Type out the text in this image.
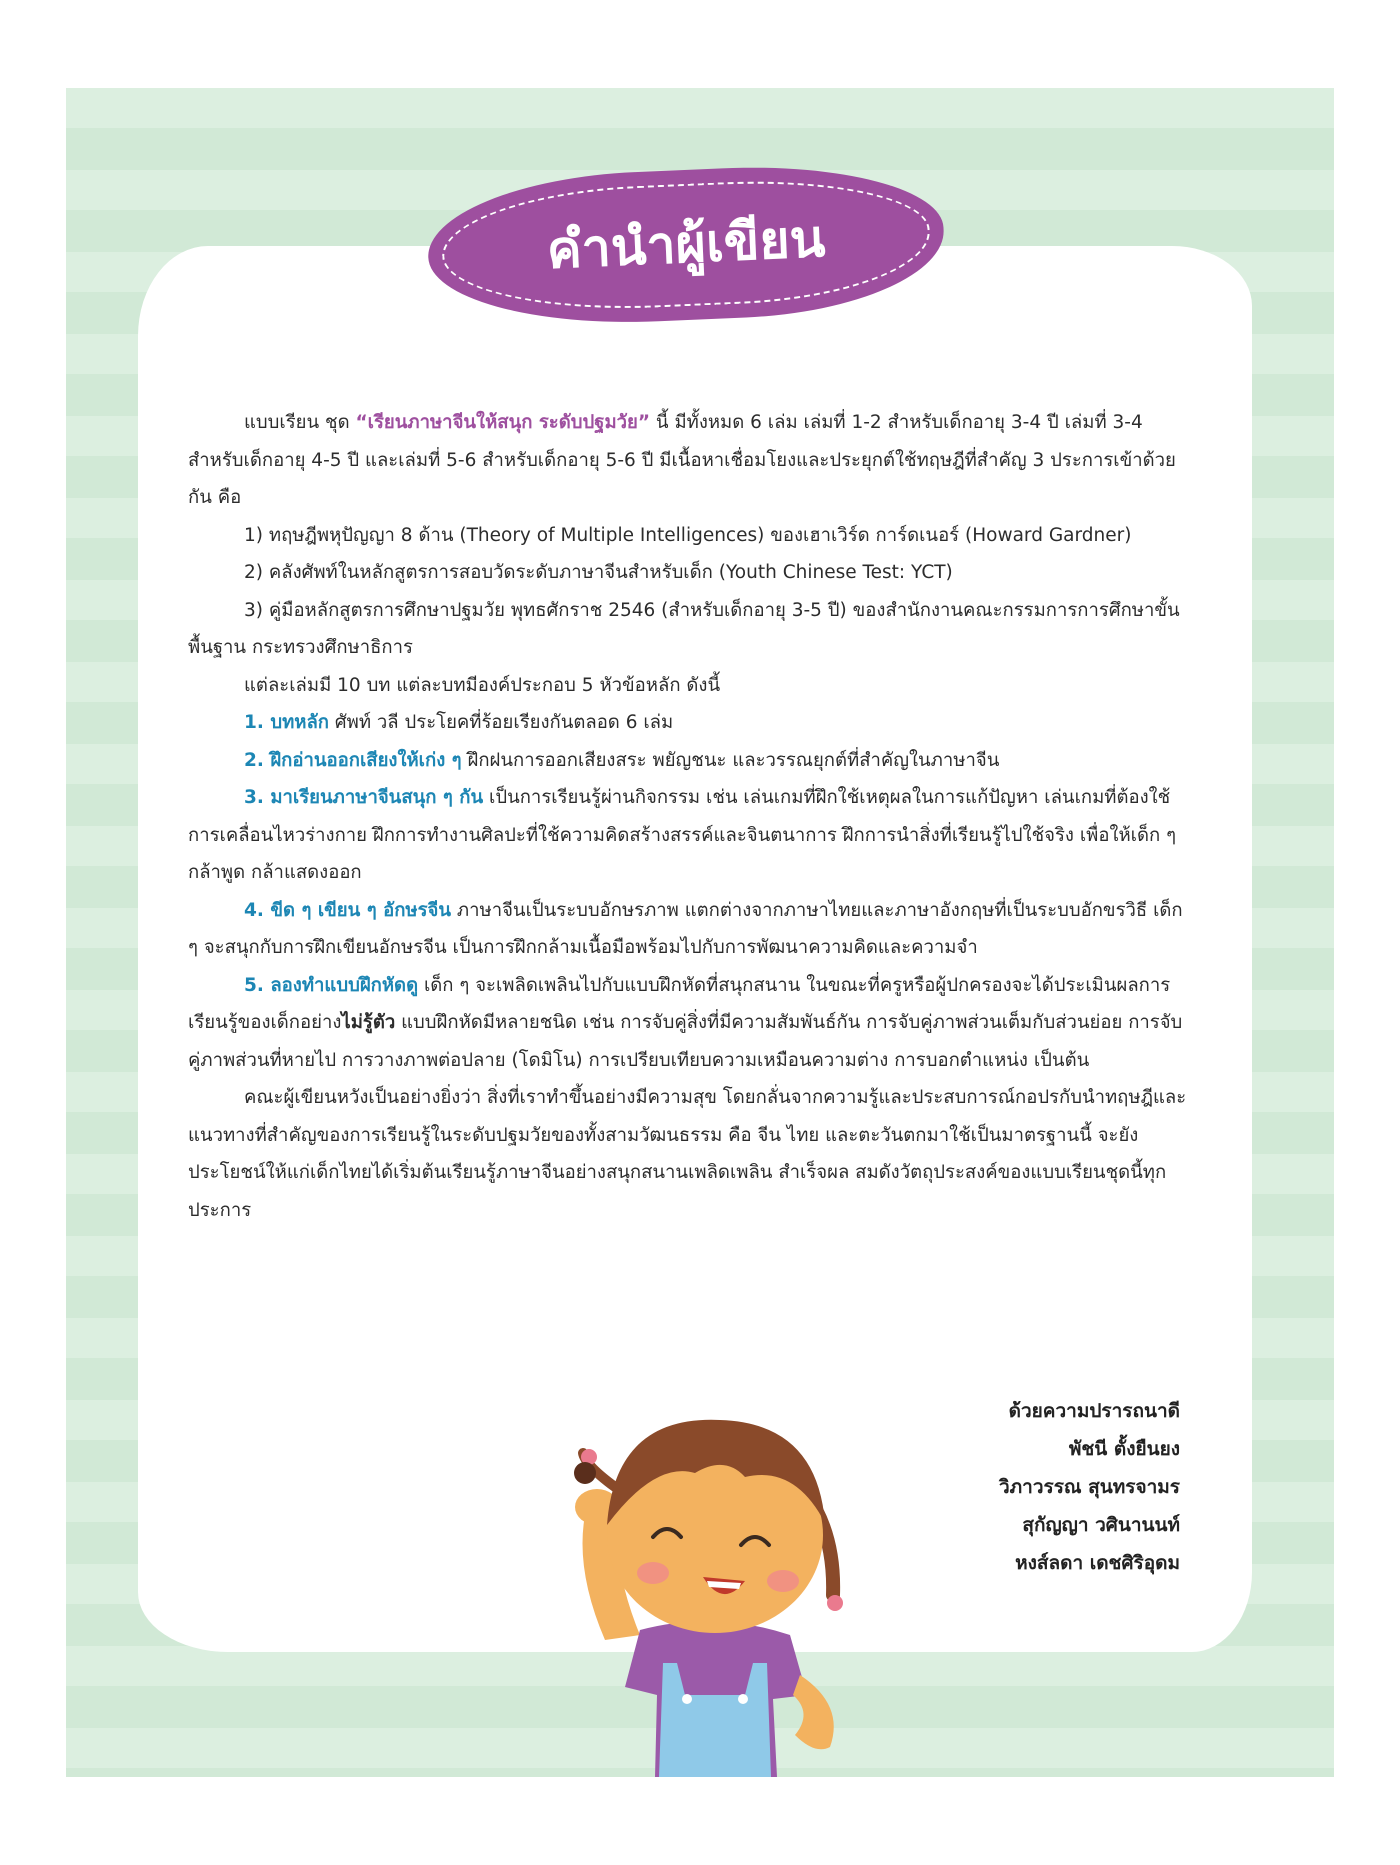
คำนำผู้เขียน

แบบเรียน ชุด “เรียนภาษาจีนให้สนุก ระดับปฐมวัย” นี้ มีทั้งหมด 6 เล่ม เล่มที่ 1-2 สำหรับเด็กอายุ 3-4 ปี เล่มที่ 3-4 สำหรับเด็กอายุ 4-5 ปี และเล่มที่ 5-6 สำหรับเด็กอายุ 5-6 ปี มีเนื้อหาเชื่อมโยงและประยุกต์ใช้ทฤษฎีที่สำคัญ 3 ประการเข้าด้วยกัน คือ

1) ทฤษฎีพหุปัญญา 8 ด้าน (Theory of Multiple Intelligences) ของเฮาเวิร์ด การ์ดเนอร์ (Howard Gardner)

2) คลังศัพท์ในหลักสูตรการสอบวัดระดับภาษาจีนสำหรับเด็ก (Youth Chinese Test: YCT)

3) คู่มือหลักสูตรการศึกษาปฐมวัย พุทธศักราช 2546 (สำหรับเด็กอายุ 3-5 ปี) ของสำนักงานคณะกรรมการการศึกษาขั้นพื้นฐาน กระทรวงศึกษาธิการ

แต่ละเล่มมี 10 บท แต่ละบทมีองค์ประกอบ 5 หัวข้อหลัก ดังนี้

1. บทหลัก ศัพท์ วลี ประโยคที่ร้อยเรียงกันตลอด 6 เล่ม

2. ฝึกอ่านออกเสียงให้เก่ง ๆ ฝึกฝนการออกเสียงสระ พยัญชนะ และวรรณยุกต์ที่สำคัญในภาษาจีน

3. มาเรียนภาษาจีนสนุก ๆ กัน เป็นการเรียนรู้ผ่านกิจกรรม เช่น เล่นเกมที่ฝึกใช้เหตุผลในการแก้ปัญหา เล่นเกมที่ต้องใช้การเคลื่อนไหวร่างกาย ฝึกการทำงานศิลปะที่ใช้ความคิดสร้างสรรค์และจินตนาการ ฝึกการนำสิ่งที่เรียนรู้ไปใช้จริง เพื่อให้เด็ก ๆ กล้าพูด กล้าแสดงออก

4. ขีด ๆ เขียน ๆ อักษรจีน ภาษาจีนเป็นระบบอักษรภาพ แตกต่างจากภาษาไทยและภาษาอังกฤษที่เป็นระบบอักขรวิธี เด็ก ๆ จะสนุกกับการฝึกเขียนอักษรจีน เป็นการฝึกกล้ามเนื้อมือพร้อมไปกับการพัฒนาความคิดและความจำ

5. ลองทำแบบฝึกหัดดู เด็ก ๆ จะเพลิดเพลินไปกับแบบฝึกหัดที่สนุกสนาน ในขณะที่ครูหรือผู้ปกครองจะได้ประเมินผลการเรียนรู้ของเด็กอย่างไม่รู้ตัว แบบฝึกหัดมีหลายชนิด เช่น การจับคู่สิ่งที่มีความสัมพันธ์กัน การจับคู่ภาพส่วนเต็มกับส่วนย่อย การจับคู่ภาพส่วนที่หายไป การวางภาพต่อปลาย (โดมิโน) การเปรียบเทียบความเหมือนความต่าง การบอกตำแหน่ง เป็นต้น

คณะผู้เขียนหวังเป็นอย่างยิ่งว่า สิ่งที่เราทำขึ้นอย่างมีความสุข โดยกลั่นจากความรู้และประสบการณ์กอปรกับนำทฤษฎีและแนวทางที่สำคัญของการเรียนรู้ในระดับปฐมวัยของทั้งสามวัฒนธรรม คือ จีน ไทย และตะวันตกมาใช้เป็นมาตรฐานนี้ จะยังประโยชน์ให้แก่เด็กไทยได้เริ่มต้นเรียนรู้ภาษาจีนอย่างสนุกสนานเพลิดเพลิน สำเร็จผล สมดังวัตถุประสงค์ของแบบเรียนชุดนี้ทุกประการ

ด้วยความปรารถนาดี
พัชนี ตั้งยืนยง
วิภาวรรณ สุนทรจามร
สุกัญญา วศินานนท์
หงส์ลดา เดชศิริอุดม
